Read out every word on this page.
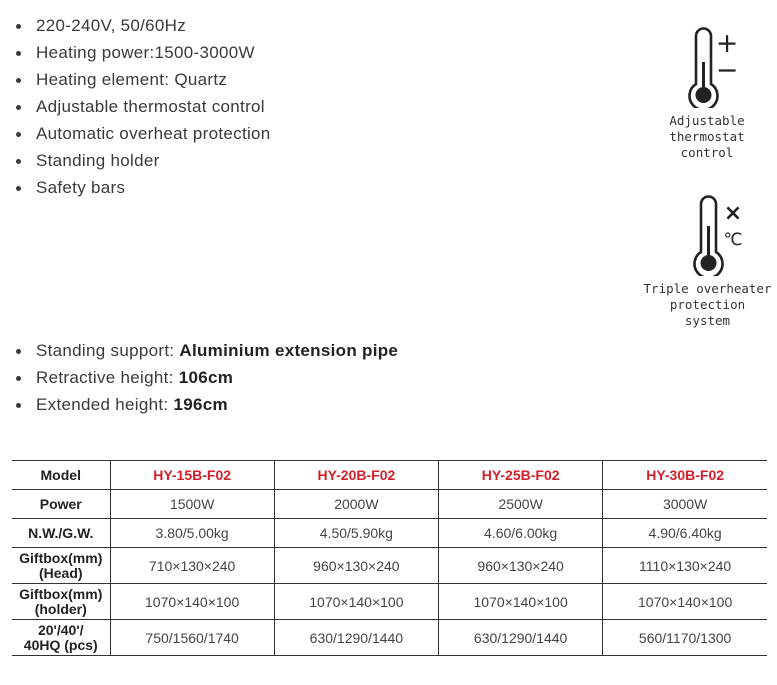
220-240V, 50/60Hz
Heating power:1500-3000W
Heating element: Quartz
Adjustable thermostat control
Automatic overheat protection
Standing holder
Safety bars
Standing support: Aluminium extension pipe
Retractive height: 106cm
Extended height: 196cm
+
−
Adjustable
thermostat
control
×
℃
Triple overheater
protection
system
Model	HY-15B-F02	HY-20B-F02	HY-25B-F02	HY-30B-F02
Power	1500W	2000W	2500W	3000W
N.W./G.W.	3.80/5.00kg	4.50/5.90kg	4.60/6.00kg	4.90/6.40kg
Giftbox(mm)
(Head)	710×130×240	960×130×240	960×130×240	1110×130×240
Giftbox(mm)
(holder)	1070×140×100	1070×140×100	1070×140×100	1070×140×100
20'/40'/
40HQ (pcs)	750/1560/1740	630/1290/1440	630/1290/1440	560/1170/1300
